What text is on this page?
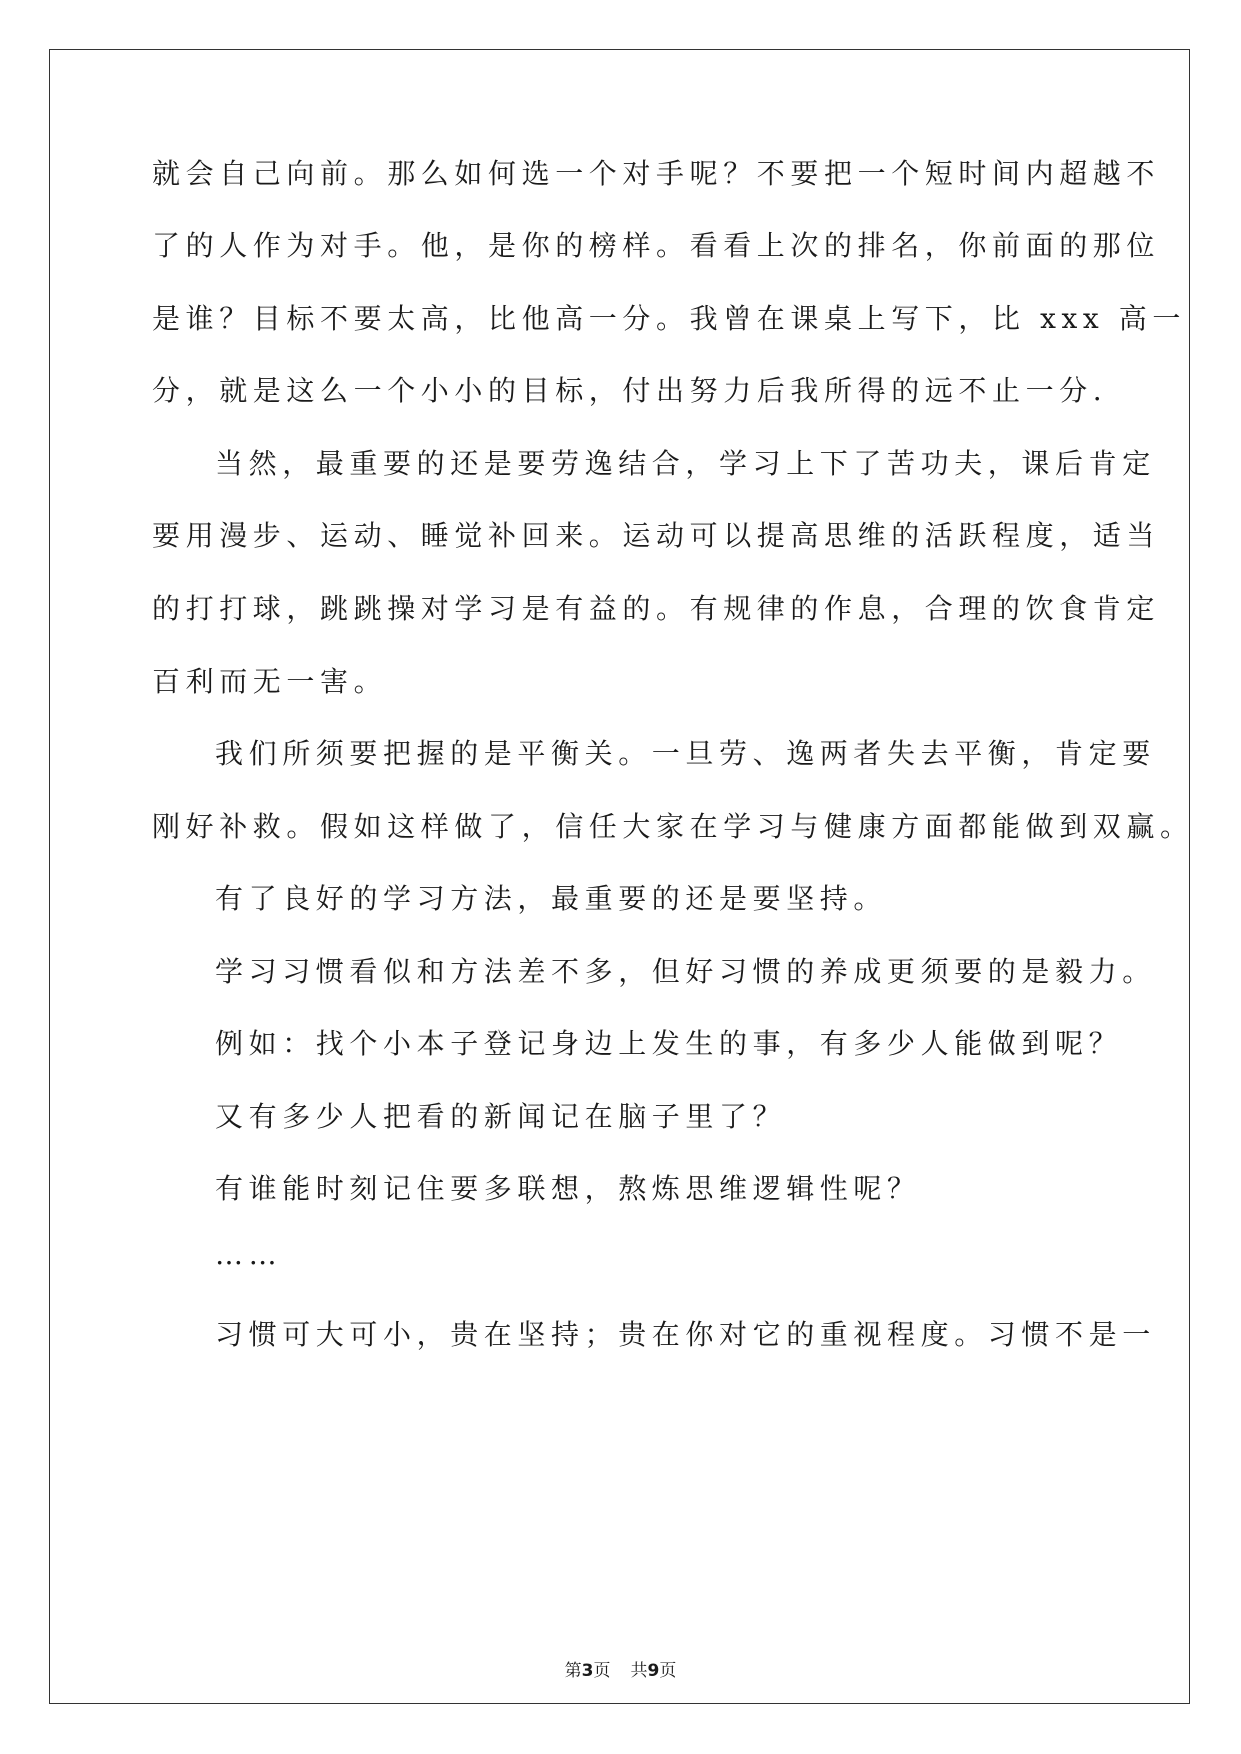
就会自己向前。那么如何选一个对手呢？不要把一个短时间内超越不
了的人作为对手。他，是你的榜样。看看上次的排名，你前面的那位
是谁？目标不要太高，比他高一分。我曾在课桌上写下，比 xxx 高一
分，就是这么一个小小的目标，付出努力后我所得的远不止一分.
当然，最重要的还是要劳逸结合，学习上下了苦功夫，课后肯定
要用漫步、运动、睡觉补回来。运动可以提高思维的活跃程度，适当
的打打球，跳跳操对学习是有益的。有规律的作息，合理的饮食肯定
百利而无一害。
我们所须要把握的是平衡关。一旦劳、逸两者失去平衡，肯定要
刚好补救。假如这样做了，信任大家在学习与健康方面都能做到双赢。
有了良好的学习方法，最重要的还是要坚持。
学习习惯看似和方法差不多，但好习惯的养成更须要的是毅力。
例如：找个小本子登记身边上发生的事，有多少人能做到呢？
又有多少人把看的新闻记在脑子里了？
有谁能时刻记住要多联想，熬炼思维逻辑性呢？
……
习惯可大可小，贵在坚持；贵在你对它的重视程度。习惯不是一
第3页 共9页
